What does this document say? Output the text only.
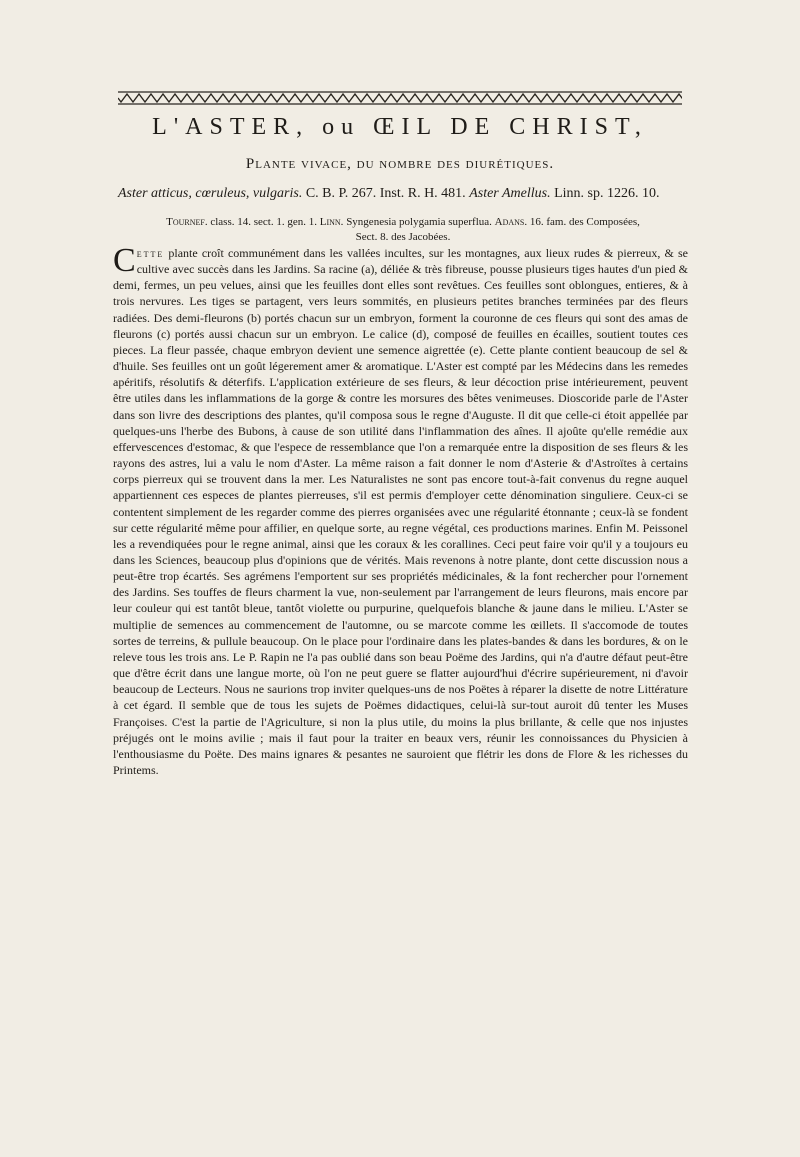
L'ASTER, ou ŒIL DE CHRIST,
Plante vivace, du nombre des diurétiques.
Aster atticus, cœruleus, vulgaris. C. B. P. 267. Inst. R. H. 481. Aster Amellus. Linn. sp. 1226. 10.
Tournef. class. 14. sect. 1. gen. 1. Linn. Syngenesia polygamia superflua. Adans. 16. fam. des Composées,
Sect. 8. des Jacobées.

Cette plante croît communément dans les vallées incultes, sur les montagnes, aux lieux rudes & pierreux, & se cultive avec succès dans les Jardins. Sa racine (a), déliée & très fibreuse, pousse plusieurs tiges hautes d'un pied & demi, fermes, un peu velues, ainsi que les feuilles dont elles sont revêtues. Ces feuilles sont oblongues, entieres, & à trois nervures. Les tiges se partagent, vers leurs sommités, en plusieurs petites branches terminées par des fleurs radiées. Des demi-fleurons (b) portés chacun sur un embryon, forment la couronne de ces fleurs qui sont des amas de fleurons (c) portés aussi chacun sur un embryon. Le calice (d), composé de feuilles en écailles, soutient toutes ces pieces. La fleur passée, chaque embryon devient une semence aigrettée (e). Cette plante contient beaucoup de sel & d'huile. Ses feuilles ont un goût légerement amer & aromatique. L'Aster est compté par les Médecins dans les remedes apéritifs, résolutifs & déterfifs. L'application extérieure de ses fleurs, & leur décoction prise intérieurement, peuvent être utiles dans les inflammations de la gorge & contre les morsures des bêtes venimeuses. Dioscoride parle de l'Aster dans son livre des descriptions des plantes, qu'il composa sous le regne d'Auguste. Il dit que celle-ci étoit appellée par quelques-uns l'herbe des Bubons, à cause de son utilité dans l'inflammation des aînes. Il ajoûte qu'elle remédie aux effervescences d'estomac, & que l'espece de ressemblance que l'on a remarquée entre la disposition de ses fleurs & les rayons des astres, lui a valu le nom d'Aster. La même raison a fait donner le nom d'Asterie & d'Astroïtes à certains corps pierreux qui se trouvent dans la mer. Les Naturalistes ne sont pas encore tout-à-fait convenus du regne auquel appartiennent ces especes de plantes pierreuses, s'il est permis d'employer cette dénomination singuliere. Ceux-ci se contentent simplement de les regarder comme des pierres organisées avec une régularité étonnante ; ceux-là se fondent sur cette régularité même pour affilier, en quelque sorte, au regne végétal, ces productions marines. Enfin M. Peissonel les a revendiquées pour le regne animal, ainsi que les coraux & les corallines. Ceci peut faire voir qu'il y a toujours eu dans les Sciences, beaucoup plus d'opinions que de vérités. Mais revenons à notre plante, dont cette discussion nous a peut-être trop écartés. Ses agrémens l'emportent sur ses propriétés médicinales, & la font rechercher pour l'ornement des Jardins. Ses touffes de fleurs charment la vue, non-seulement par l'arrangement de leurs fleurons, mais encore par leur couleur qui est tantôt bleue, tantôt violette ou purpurine, quelquefois blanche & jaune dans le milieu. L'Aster se multiplie de semences au commencement de l'automne, ou se marcote comme les œillets. Il s'accomode de toutes sortes de terreins, & pullule beaucoup. On le place pour l'ordinaire dans les plates-bandes & dans les bordures, & on le releve tous les trois ans. Le P. Rapin ne l'a pas oublié dans son beau Poëme des Jardins, qui n'a d'autre défaut peut-être que d'être écrit dans une langue morte, où l'on ne peut guere se flatter aujourd'hui d'écrire supérieurement, ni d'avoir beaucoup de Lecteurs. Nous ne saurions trop inviter quelques-uns de nos Poëtes à réparer la disette de notre Littérature à cet égard. Il semble que de tous les sujets de Poëmes didactiques, celui-là sur-tout auroit dû tenter les Muses Françoises. C'est la partie de l'Agriculture, si non la plus utile, du moins la plus brillante, & celle que nos injustes préjugés ont le moins avilie ; mais il faut pour la traiter en beaux vers, réunir les connoissances du Physicien à l'enthousiasme du Poëte. Des mains ignares & pesantes ne sauroient que flétrir les dons de Flore & les richesses du Printems.
